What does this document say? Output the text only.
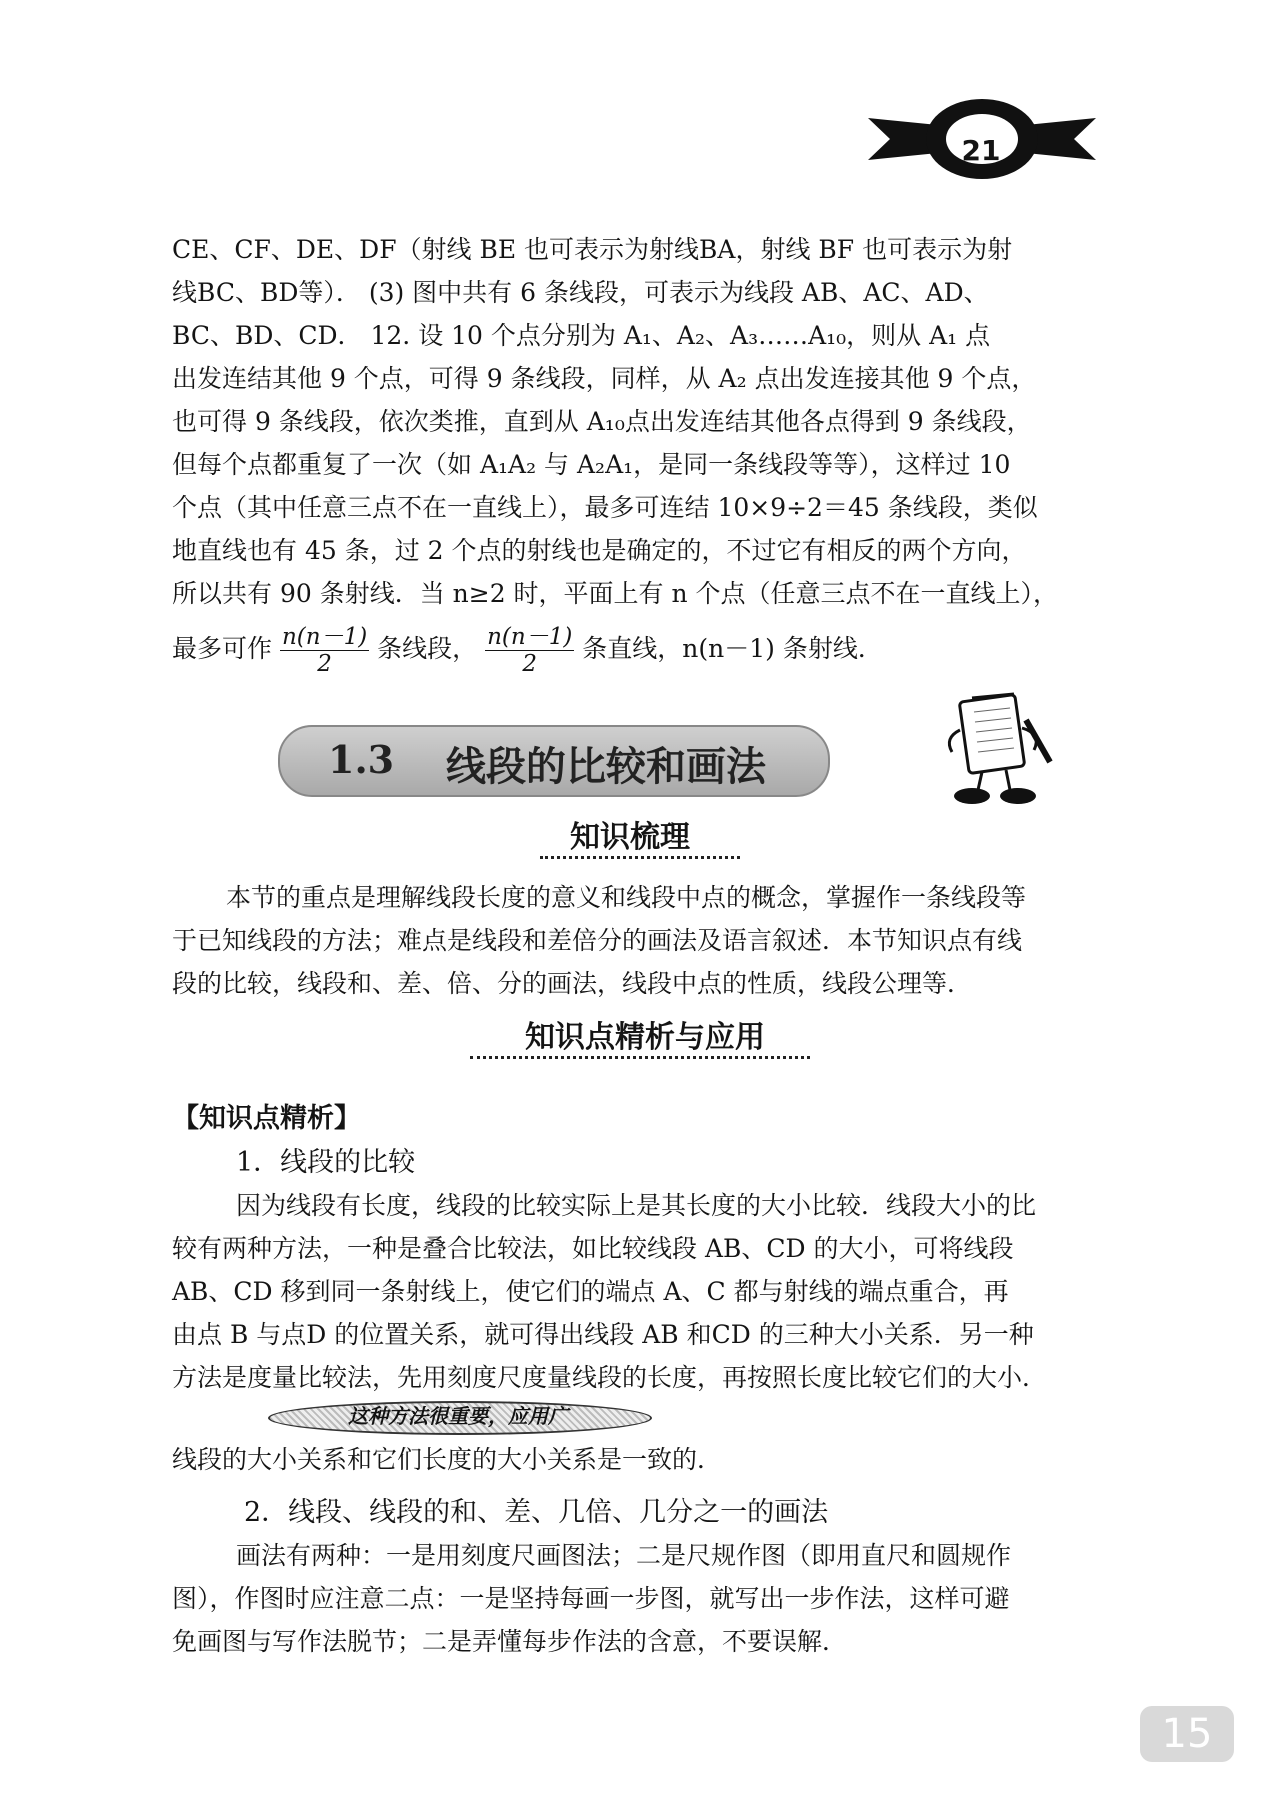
21

CE、CF、DE、DF（射线 BE 也可表示为射线BA，射线 BF 也可表示为射

线BC、BD等）． (3) 图中共有 6 条线段，可表示为线段 AB、AC、AD、

BC、BD、CD． 12. 设 10 个点分别为 A₁、A₂、A₃……A₁₀，则从 A₁ 点

出发连结其他 9 个点，可得 9 条线段，同样，从 A₂ 点出发连接其他 9 个点，

也可得 9 条线段，依次类推，直到从 A₁₀点出发连结其他各点得到 9 条线段，

但每个点都重复了一次（如 A₁A₂ 与 A₂A₁，是同一条线段等等），这样过 10

个点（其中任意三点不在一直线上），最多可连结 10×9÷2＝45 条线段，类似

地直线也有 45 条，过 2 个点的射线也是确定的，不过它有相反的两个方向，

所以共有 90 条射线．当 n≥2 时，平面上有 n 个点（任意三点不在一直线上），

最多可作 $\frac{n(n-1)}{2}$ 条线段， $\frac{n(n-1)}{2}$ 条直线，n(n－1) 条射线．

1.3 线段的比较和画法
知识梳理

本节的重点是理解线段长度的意义和线段中点的概念，掌握作一条线段等

于已知线段的方法；难点是线段和差倍分的画法及语言叙述．本节知识点有线

段的比较，线段和、差、倍、分的画法，线段中点的性质，线段公理等．

知识点精析与应用
【知识点精析】
1．线段的比较

因为线段有长度，线段的比较实际上是其长度的大小比较．线段大小的比

较有两种方法，一种是叠合比较法，如比较线段 AB、CD 的大小，可将线段

AB、CD 移到同一条射线上，使它们的端点 A、C 都与射线的端点重合，再

由点 B 与点D 的位置关系，就可得出线段 AB 和CD 的三种大小关系．另一种

方法是度量比较法，先用刻度尺度量线段的长度，再按照长度比较它们的大小．

这种方法很重要，应用广

线段的大小关系和它们长度的大小关系是一致的．

2．线段、线段的和、差、几倍、几分之一的画法

画法有两种：一是用刻度尺画图法；二是尺规作图（即用直尺和圆规作

图），作图时应注意二点：一是坚持每画一步图，就写出一步作法，这样可避

免画图与写作法脱节；二是弄懂每步作法的含意，不要误解．

15
